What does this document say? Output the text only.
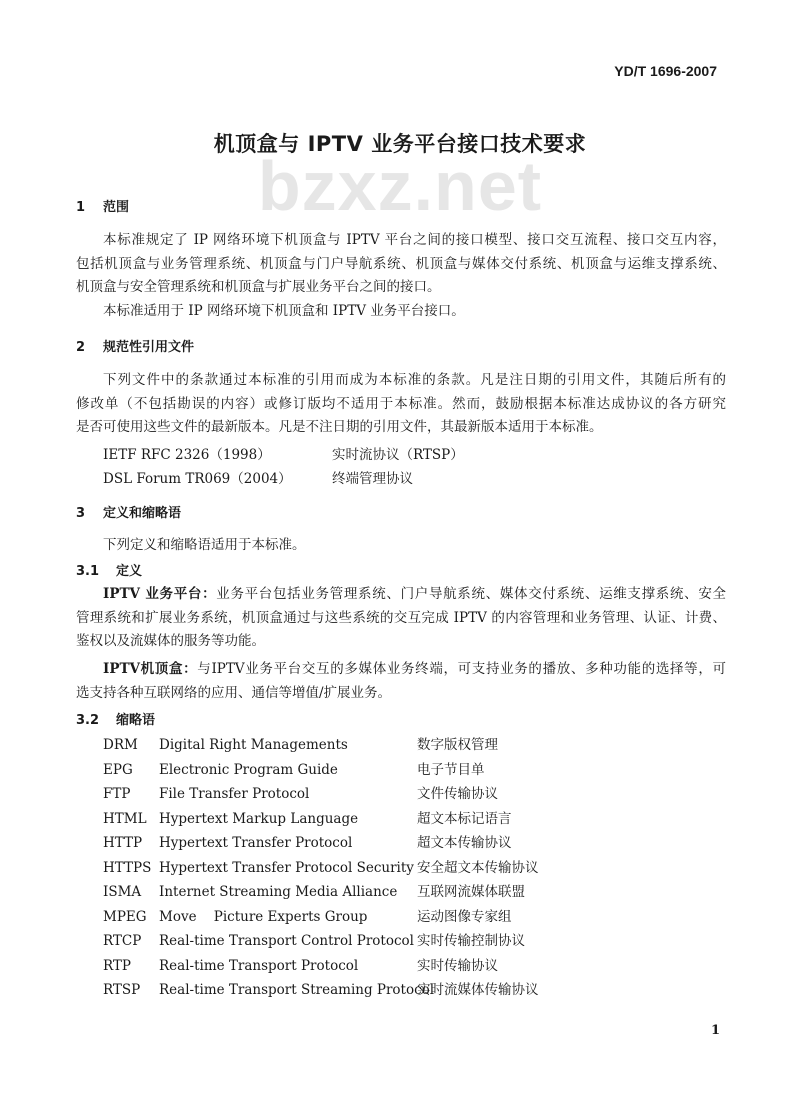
bzxz.net
YD/T 1696-2007
机顶盒与 IPTV 业务平台接口技术要求
1 范围
本标准规定了 IP 网络环境下机顶盒与 IPTV 平台之间的接口模型、接口交互流程、接口交互内容，
包括机顶盒与业务管理系统、机顶盒与门户导航系统、机顶盒与媒体交付系统、机顶盒与运维支撑系统、
机顶盒与安全管理系统和机顶盒与扩展业务平台之间的接口。
本标准适用于 IP 网络环境下机顶盒和 IPTV 业务平台接口。
2 规范性引用文件
下列文件中的条款通过本标准的引用而成为本标准的条款。凡是注日期的引用文件，其随后所有的
修改单（不包括勘误的内容）或修订版均不适用于本标准。然而，鼓励根据本标准达成协议的各方研究
是否可使用这些文件的最新版本。凡是不注日期的引用文件，其最新版本适用于本标准。
IETF RFC 2326（1998）	实时流协议（RTSP）
DSL Forum TR069（2004）	终端管理协议
3 定义和缩略语
下列定义和缩略语适用于本标准。
3.1 定义
IPTV 业务平台：业务平台包括业务管理系统、门户导航系统、媒体交付系统、运维支撑系统、安全
管理系统和扩展业务系统，机顶盒通过与这些系统的交互完成 IPTV 的内容管理和业务管理、认证、计费、
鉴权以及流媒体的服务等功能。
IPTV机顶盒：与IPTV业务平台交互的多媒体业务终端，可支持业务的播放、多种功能的选择等，可
选支持各种互联网络的应用、通信等增值/扩展业务。
3.2 缩略语
DRM Digital Right Managements	数字版权管理
EPG Electronic Program Guide	电子节目单
FTP File Transfer Protocol	文件传输协议
HTML Hypertext Markup Language	超文本标记语言
HTTP Hypertext Transfer Protocol	超文本传输协议
HTTPS Hypertext Transfer Protocol Security 安全超文本传输协议
ISMA Internet Streaming Media Alliance 互联网流媒体联盟
MPEG Move    Picture Experts Group	运动图像专家组
RTCP Real-time Transport Control Protocol 实时传输控制协议
RTP Real-time Transport Protocol	实时传输协议
RTSP Real-time Transport Streaming Protocol实时流媒体传输协议
1
